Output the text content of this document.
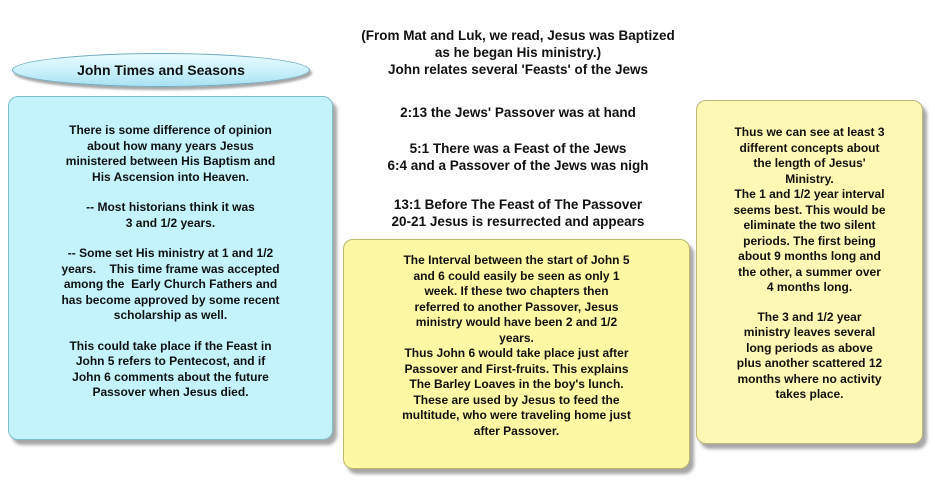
John Times and Seasons
(From Mat and Luk, we read, Jesus was Baptized
as he began His ministry.)
John relates several 'Feasts' of the Jews
2:13 the Jews' Passover was at hand
5:1 There was a Feast of the Jews
6:4 and a Passover of the Jews was nigh
13:1 Before The Feast of The Passover
20-21 Jesus is resurrected and appears
There is some difference of opinion
about how many years Jesus
ministered between His Baptism and
His Ascension into Heaven.
-- Most historians think it was
3 and 1/2 years.
-- Some set His ministry at 1 and 1/2
years.    This time frame was accepted
among the  Early Church Fathers and
has become approved by some recent
scholarship as well.
This could take place if the Feast in
John 5 refers to Pentecost, and if
John 6 comments about the future
Passover when Jesus died.
The Interval between the start of John 5
and 6 could easily be seen as only 1
week. If these two chapters then
referred to another Passover, Jesus
ministry would have been 2 and 1/2
years.
Thus John 6 would take place just after
Passover and First-fruits. This explains
The Barley Loaves in the boy's lunch.
These are used by Jesus to feed the
multitude, who were traveling home just
after Passover.
Thus we can see at least 3
different concepts about
the length of Jesus'
Ministry.
The 1 and 1/2 year interval
seems best. This would be
eliminate the two silent
periods. The first being
about 9 months long and
the other, a summer over
4 months long.
The 3 and 1/2 year
ministry leaves several
long periods as above
plus another scattered 12
months where no activity
takes place.
